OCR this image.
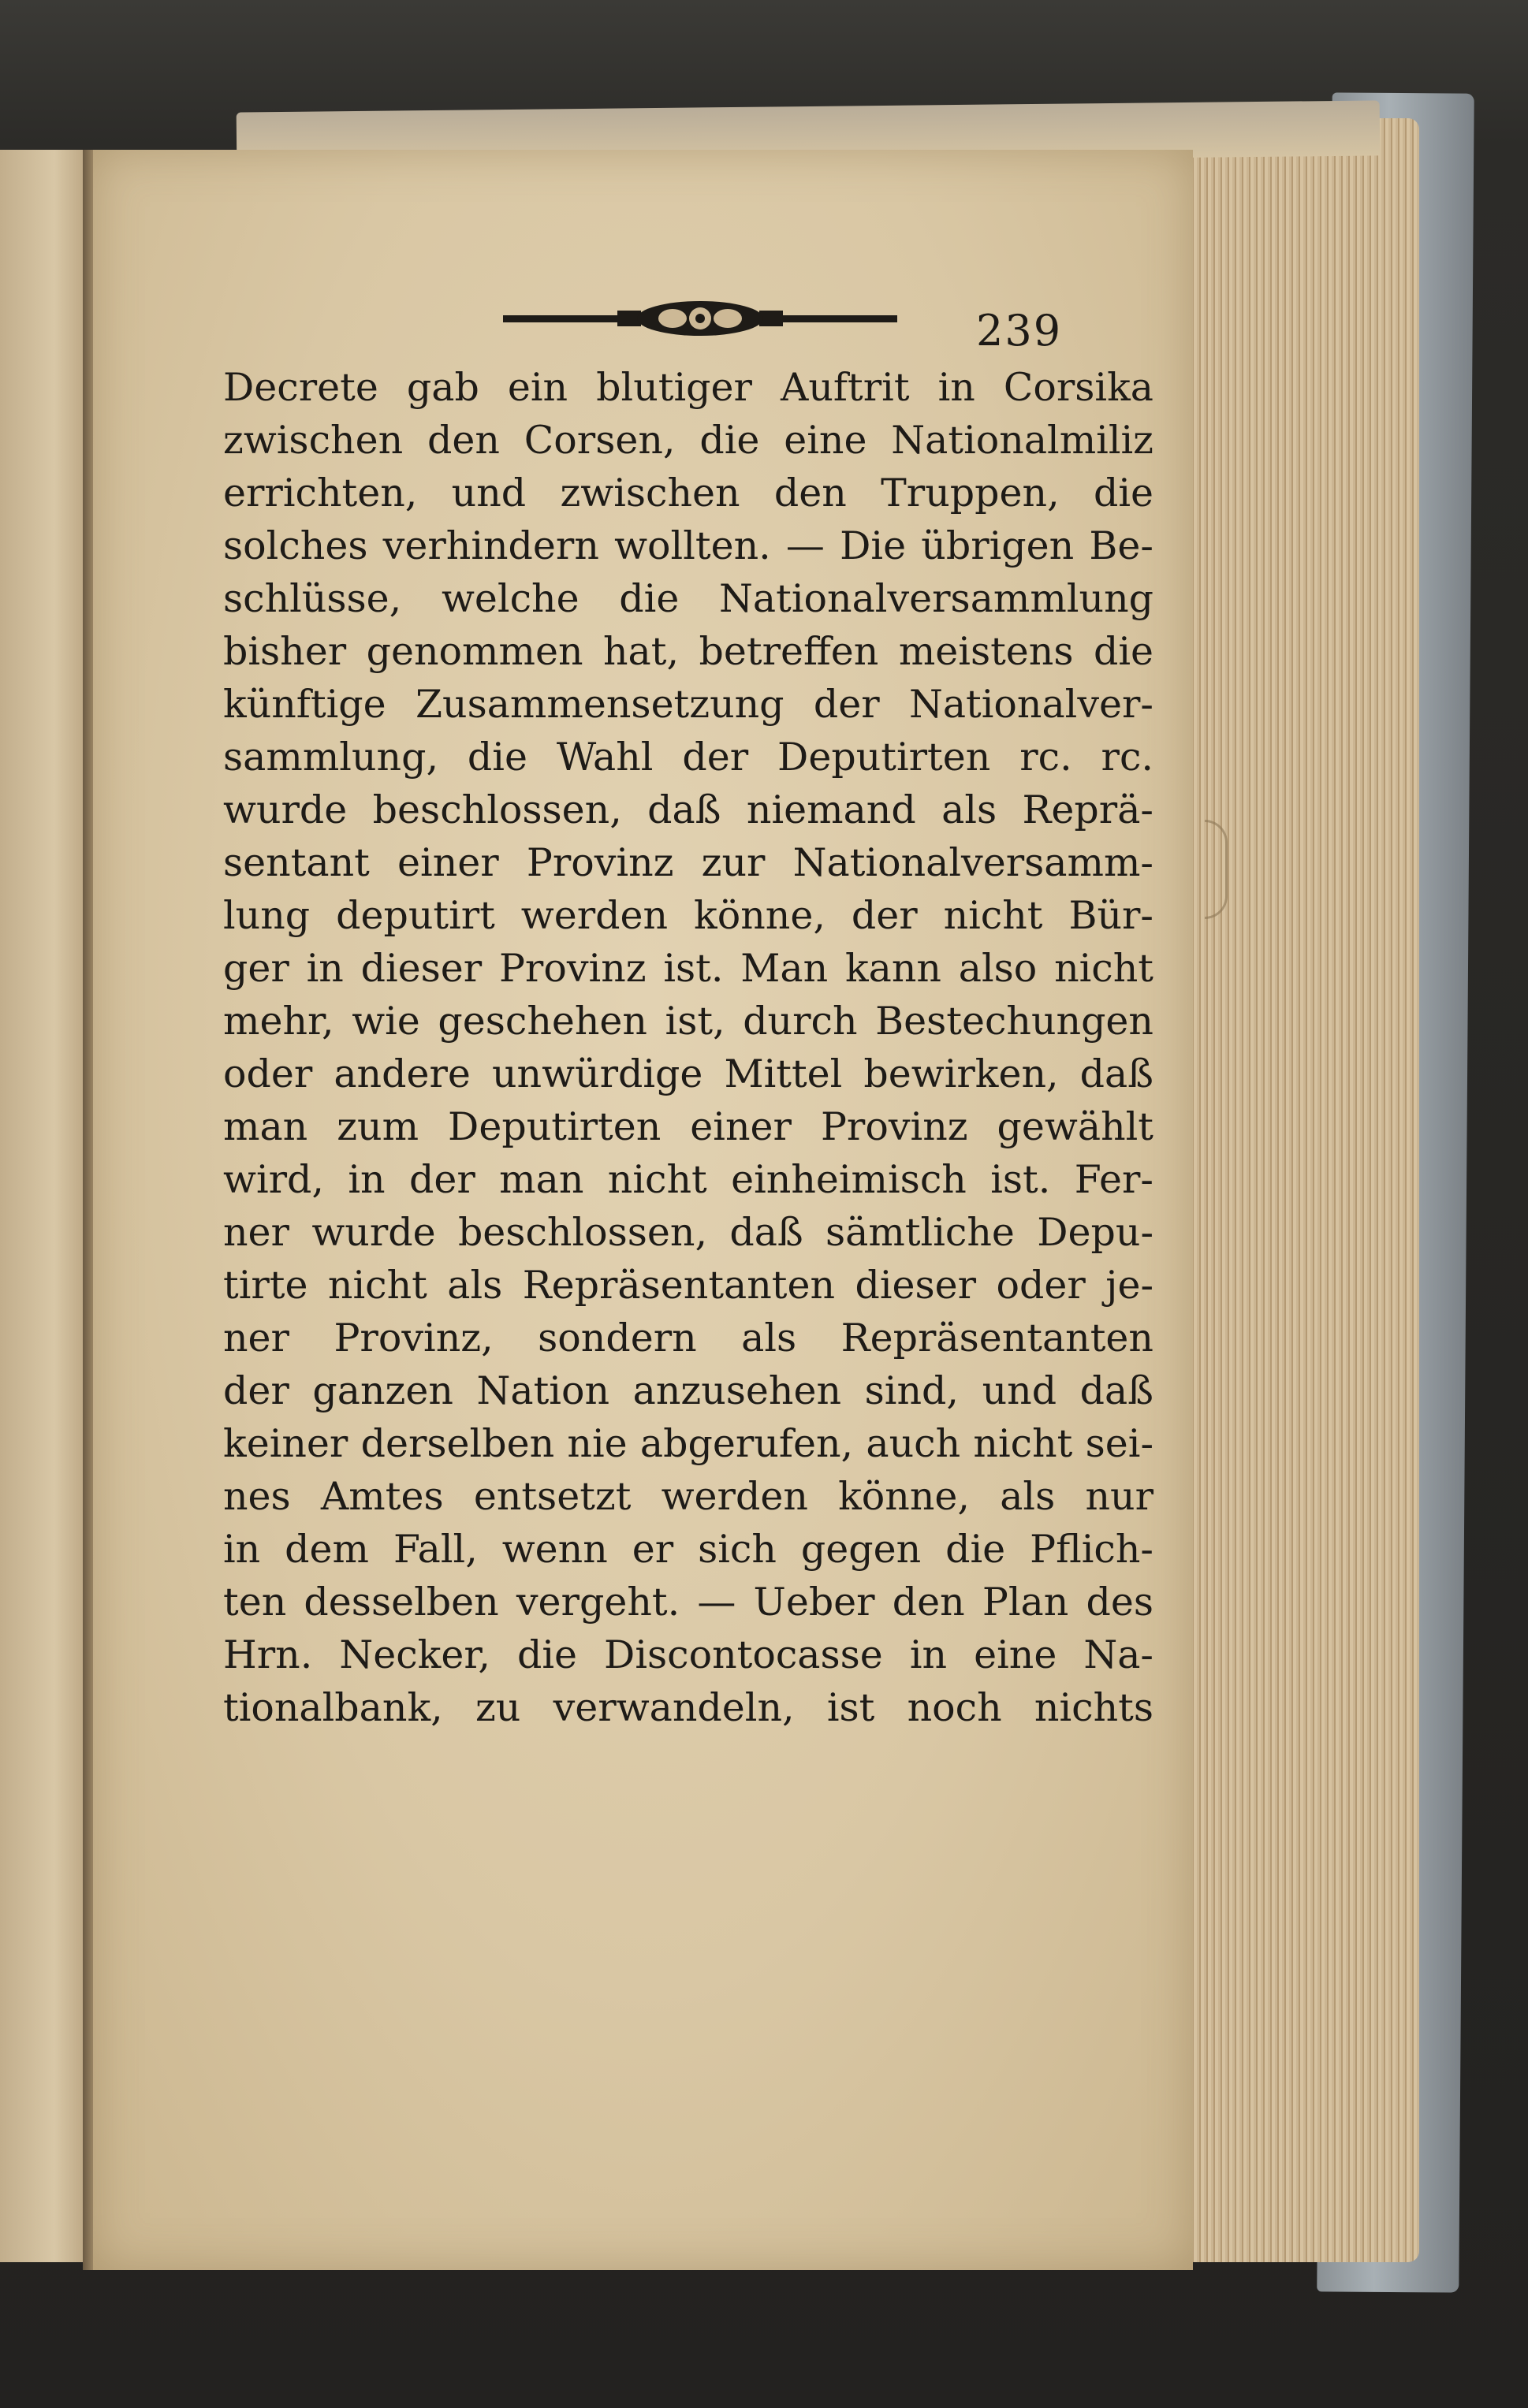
239
Decrete gab ein blutiger Auftrit in Corsika
zwischen den Corsen, die eine Nationalmiliz
errichten, und zwischen den Truppen, die
solches verhindern wollten. — Die übrigen Be-
schlüsse, welche die Nationalversammlung
bisher genommen hat, betreffen meistens die
künftige Zusammensetzung der Nationalver-
sammlung, die Wahl der Deputirten rc. rc.
wurde beschlossen, daß niemand als Reprä-
sentant einer Provinz zur Nationalversamm-
lung deputirt werden könne, der nicht Bür-
ger in dieser Provinz ist. Man kann also nicht
mehr, wie geschehen ist, durch Bestechungen
oder andere unwürdige Mittel bewirken, daß
man zum Deputirten einer Provinz gewählt
wird, in der man nicht einheimisch ist. Fer-
ner wurde beschlossen, daß sämtliche Depu-
tirte nicht als Repräsentanten dieser oder je-
ner Provinz, sondern als Repräsentanten
der ganzen Nation anzusehen sind, und daß
keiner derselben nie abgerufen, auch nicht sei-
nes Amtes entsetzt werden könne, als nur
in dem Fall, wenn er sich gegen die Pflich-
ten desselben vergeht. — Ueber den Plan des
Hrn. Necker, die Discontocasse in eine Na-
tionalbank, zu verwandeln, ist noch nichts
